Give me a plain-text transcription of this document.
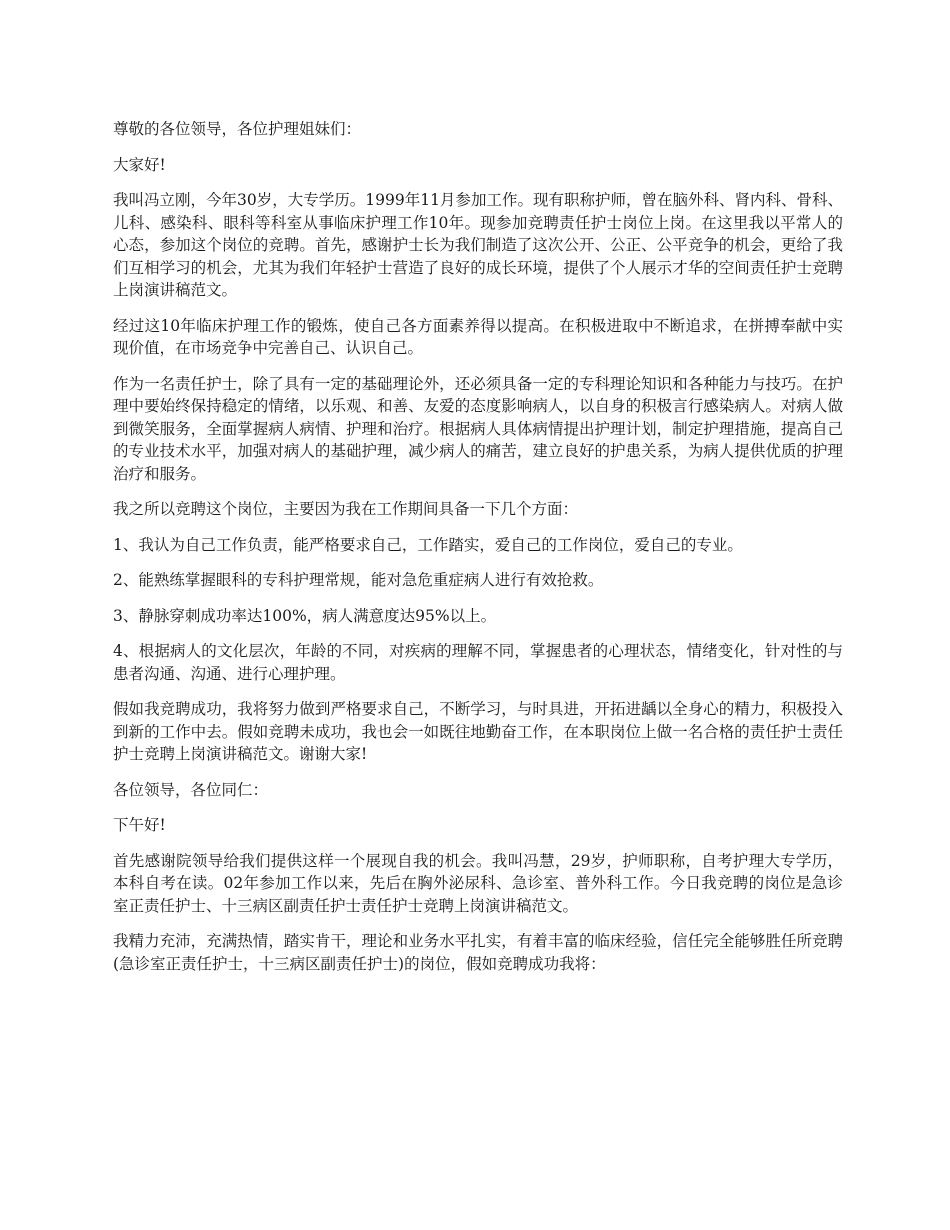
尊敬的各位领导，各位护理姐妹们：

大家好!

我叫冯立刚，今年30岁，大专学历。1999年11月参加工作。现有职称护师，曾在脑外科、肾内科、骨科、儿科、感染科、眼科等科室从事临床护理工作10年。现参加竞聘责任护士岗位上岗。在这里我以平常人的心态，参加这个岗位的竞聘。首先，感谢护士长为我们制造了这次公开、公正、公平竞争的机会，更给了我们互相学习的机会，尤其为我们年轻护士营造了良好的成长环境，提供了个人展示才华的空间责任护士竞聘上岗演讲稿范文。

经过这10年临床护理工作的锻炼，使自己各方面素养得以提高。在积极进取中不断追求，在拼搏奉献中实现价值，在市场竞争中完善自己、认识自己。

作为一名责任护士，除了具有一定的基础理论外，还必须具备一定的专科理论知识和各种能力与技巧。在护理中要始终保持稳定的情绪，以乐观、和善、友爱的态度影响病人，以自身的积极言行感染病人。对病人做到微笑服务，全面掌握病人病情、护理和治疗。根据病人具体病情提出护理计划，制定护理措施，提高自己的专业技术水平，加强对病人的基础护理，减少病人的痛苦，建立良好的护患关系，为病人提供优质的护理治疗和服务。

我之所以竞聘这个岗位，主要因为我在工作期间具备一下几个方面：

1、我认为自己工作负责，能严格要求自己，工作踏实，爱自己的工作岗位，爱自己的专业。

2、能熟练掌握眼科的专科护理常规，能对急危重症病人进行有效抢救。

3、静脉穿刺成功率达100%，病人满意度达95%以上。

4、根据病人的文化层次，年龄的不同，对疾病的理解不同，掌握患者的心理状态，情绪变化，针对性的与患者沟通、沟通、进行心理护理。

假如我竞聘成功，我将努力做到严格要求自己，不断学习，与时具进，开拓进龋以全身心的精力，积极投入到新的工作中去。假如竞聘未成功，我也会一如既往地勤奋工作，在本职岗位上做一名合格的责任护士责任护士竞聘上岗演讲稿范文。谢谢大家!

各位领导，各位同仁：

下午好!

首先感谢院领导给我们提供这样一个展现自我的机会。我叫冯慧，29岁，护师职称，自考护理大专学历，本科自考在读。02年参加工作以来，先后在胸外泌尿科、急诊室、普外科工作。今日我竞聘的岗位是急诊室正责任护士、十三病区副责任护士责任护士竞聘上岗演讲稿范文。

我精力充沛，充满热情，踏实肯干，理论和业务水平扎实，有着丰富的临床经验，信任完全能够胜任所竞聘(急诊室正责任护士，十三病区副责任护士)的岗位，假如竞聘成功我将：
